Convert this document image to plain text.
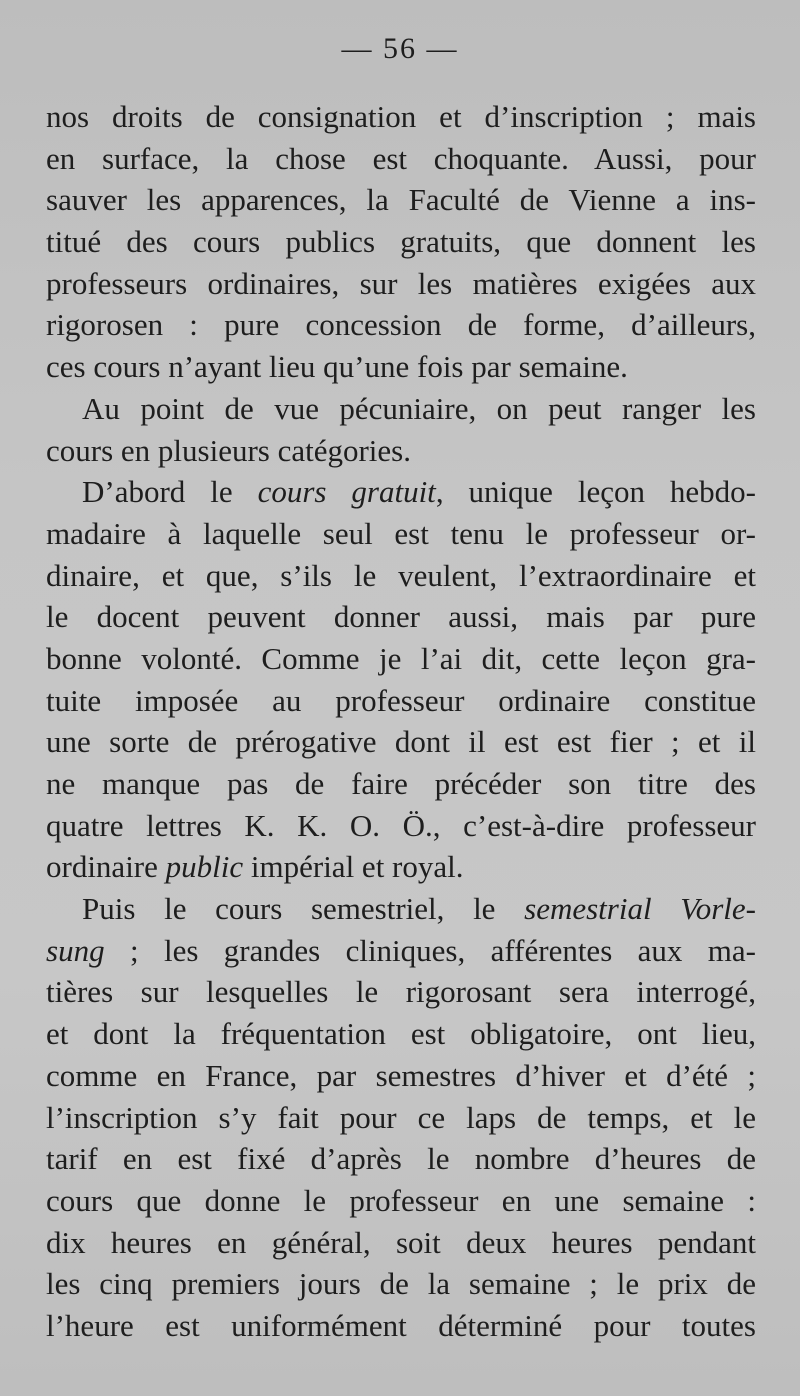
— 56 —
nos droits de consignation et d’inscription ; mais
en surface, la chose est choquante. Aussi, pour
sauver les apparences, la Faculté de Vienne a ins-
titué des cours publics gratuits, que donnent les
professeurs ordinaires, sur les matières exigées aux
rigorosen : pure concession de forme, d’ailleurs,
ces cours n’ayant lieu qu’une fois par semaine.
Au point de vue pécuniaire, on peut ranger les
cours en plusieurs catégories.
D’abord le cours gratuit, unique leçon hebdo-
madaire à laquelle seul est tenu le professeur or-
dinaire, et que, s’ils le veulent, l’extraordinaire et
le docent peuvent donner aussi, mais par pure
bonne volonté. Comme je l’ai dit, cette leçon gra-
tuite imposée au professeur ordinaire constitue
une sorte de prérogative dont il est est fier ; et il
ne manque pas de faire précéder son titre des
quatre lettres K. K. O. Ö., c’est-à-dire professeur
ordinaire public impérial et royal.
Puis le cours semestriel, le semestrial Vorle-
sung ; les grandes cliniques, afférentes aux ma-
tières sur lesquelles le rigorosant sera interrogé,
et dont la fréquentation est obligatoire, ont lieu,
comme en France, par semestres d’hiver et d’été ;
l’inscription s’y fait pour ce laps de temps, et le
tarif en est fixé d’après le nombre d’heures de
cours que donne le professeur en une semaine :
dix heures en général, soit deux heures pendant
les cinq premiers jours de la semaine ; le prix de
l’heure est uniformément déterminé pour toutes
